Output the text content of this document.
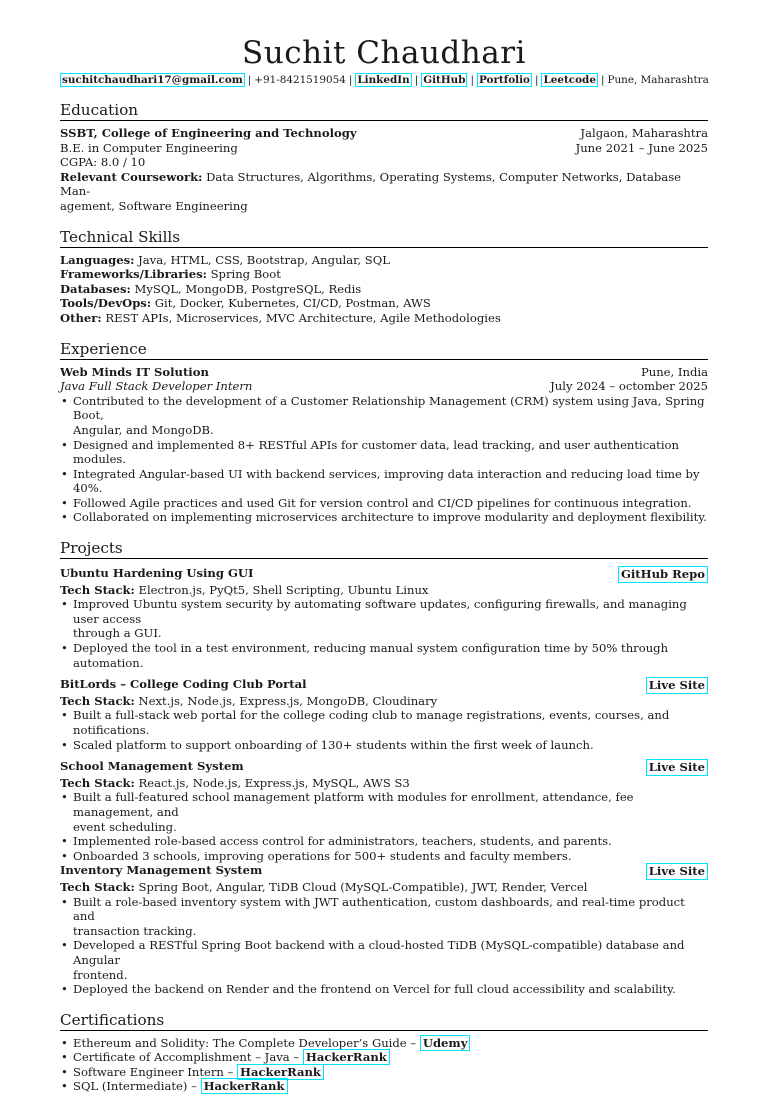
Suchit Chaudhari
suchitchaudhari17@gmail.com | +91-8421519054 | LinkedIn | GitHub | Portfolio | Leetcode | Pune, Maharashtra
Education
SSBT, College of Engineering and Technology	Jalgaon, Maharashtra
B.E. in Computer Engineering	June 2021 – June 2025
CGPA: 8.0 / 10
Relevant Coursework: Data Structures, Algorithms, Operating Systems, Computer Networks, Database Man-
agement, Software Engineering
Technical Skills
Languages: Java, HTML, CSS, Bootstrap, Angular, SQL
Frameworks/Libraries: Spring Boot
Databases: MySQL, MongoDB, PostgreSQL, Redis
Tools/DevOps: Git, Docker, Kubernetes, CI/CD, Postman, AWS
Other: REST APIs, Microservices, MVC Architecture, Agile Methodologies
Experience
Web Minds IT Solution	Pune, India
Java Full Stack Developer Intern	July 2024 – octomber 2025
• Contributed to the development of a Customer Relationship Management (CRM) system using Java, Spring Boot,
Angular, and MongoDB.
• Designed and implemented 8+ RESTful APIs for customer data, lead tracking, and user authentication modules.
• Integrated Angular-based UI with backend services, improving data interaction and reducing load time by 40%.
• Followed Agile practices and used Git for version control and CI/CD pipelines for continuous integration.
• Collaborated on implementing microservices architecture to improve modularity and deployment flexibility.
Projects
Ubuntu Hardening Using GUI	GitHub Repo
Tech Stack: Electron.js, PyQt5, Shell Scripting, Ubuntu Linux
• Improved Ubuntu system security by automating software updates, configuring firewalls, and managing user access
through a GUI.
• Deployed the tool in a test environment, reducing manual system configuration time by 50% through automation.
BitLords – College Coding Club Portal	Live Site
Tech Stack: Next.js, Node.js, Express.js, MongoDB, Cloudinary
• Built a full-stack web portal for the college coding club to manage registrations, events, courses, and notifications.
• Scaled platform to support onboarding of 130+ students within the first week of launch.
School Management System	Live Site
Tech Stack: React.js, Node.js, Express.js, MySQL, AWS S3
• Built a full-featured school management platform with modules for enrollment, attendance, fee management, and
event scheduling.
• Implemented role-based access control for administrators, teachers, students, and parents.
• Onboarded 3 schools, improving operations for 500+ students and faculty members.
Inventory Management System	Live Site
Tech Stack: Spring Boot, Angular, TiDB Cloud (MySQL-Compatible), JWT, Render, Vercel
• Built a role-based inventory system with JWT authentication, custom dashboards, and real-time product and
transaction tracking.
• Developed a RESTful Spring Boot backend with a cloud-hosted TiDB (MySQL-compatible) database and Angular
frontend.
• Deployed the backend on Render and the frontend on Vercel for full cloud accessibility and scalability.
Certifications
• Ethereum and Solidity: The Complete Developer’s Guide – Udemy
• Certificate of Accomplishment – Java – HackerRank
• Software Engineer Intern – HackerRank
• SQL (Intermediate) – HackerRank
